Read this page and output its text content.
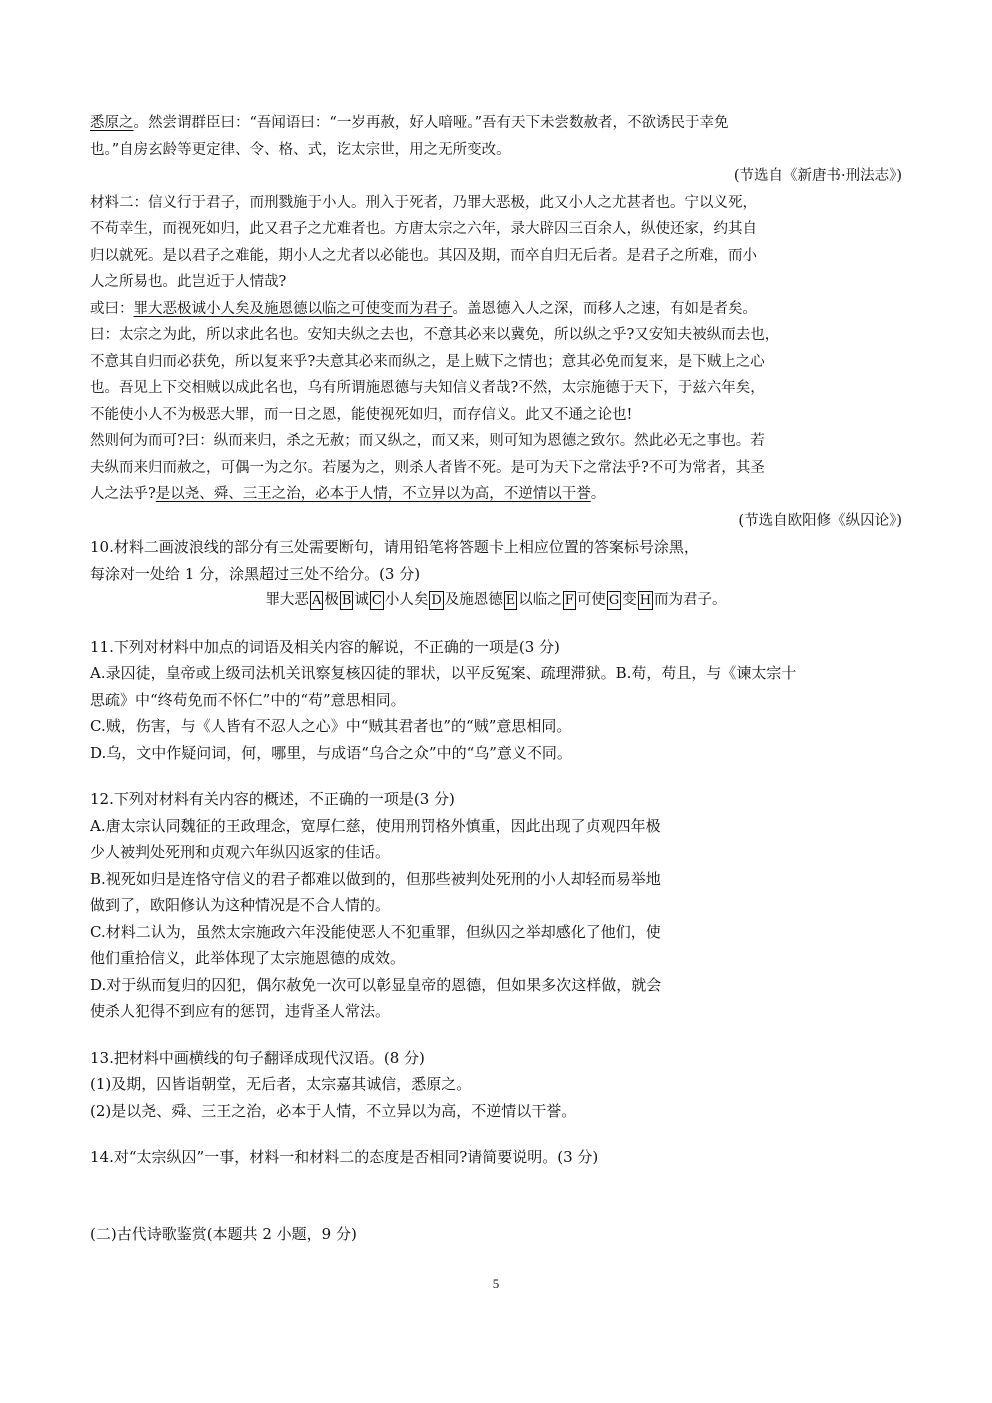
悉原之。然尝谓群臣曰：“吾闻语曰：“一岁再赦，好人喑哑。”吾有天下未尝数赦者，不欲诱民于幸免
也。”自房玄龄等更定律、令、格、式，讫太宗世，用之无所变改。
(节选自《新唐书·刑法志》)
材料二：信义行于君子，而刑戮施于小人。刑入于死者，乃罪大恶极，此又小人之尤甚者也。宁以义死，
不苟幸生，而视死如归，此又君子之尤难者也。方唐太宗之六年，录大辟囚三百余人，纵使还家，约其自
归以就死。是以君子之难能，期小人之尤者以必能也。其囚及期，而卒自归无后者。是君子之所难，而小
人之所易也。此岂近于人情哉?
或曰：罪大恶极诚小人矣及施恩德以临之可使变而为君子。盖恩德入人之深，而移人之速，有如是者矣。
曰：太宗之为此，所以求此名也。安知夫纵之去也，不意其必来以冀免，所以纵之乎?又安知夫被纵而去也，
不意其自归而必获免，所以复来乎?夫意其必来而纵之，是上贼下之情也；意其必免而复来，是下贼上之心
也。吾见上下交相贼以成此名也，乌有所谓施恩德与夫知信义者哉?不然，太宗施德于天下，于兹六年矣，
不能使小人不为极恶大罪，而一日之恩，能使视死如归，而存信义。此又不通之论也!
然则何为而可?曰：纵而来归，杀之无赦；而又纵之，而又来，则可知为恩德之致尔。然此必无之事也。若
夫纵而来归而赦之，可偶一为之尔。若屡为之，则杀人者皆不死。是可为天下之常法乎?不可为常者，其圣
人之法乎?是以尧、舜、三王之治，必本于人情，不立异以为高，不逆情以干誉。
(节选自欧阳修《纵囚论》)
10.材料二画波浪线的部分有三处需要断句，请用铅笔将答题卡上相应位置的答案标号涂黑，
每涂对一处给 1 分，涂黑超过三处不给分。(3 分)
罪大恶 A 极 B 诚 C 小人矣 D 及施恩德 E 以临之 F 可使 G 变 H 而为君子。
11.下列对材料中加点的词语及相关内容的解说，不正确的一项是(3 分)
A.录囚徒，皇帝或上级司法机关讯察复核囚徒的罪状，以平反冤案、疏理滞狱。B.苟，苟且，与《谏太宗十
思疏》中“终苟免而不怀仁”中的“苟”意思相同。
C.贼，伤害，与《人皆有不忍人之心》中“贼其君者也”的“贼”意思相同。
D.乌，文中作疑问词，何，哪里，与成语“乌合之众”中的“乌”意义不同。
12.下列对材料有关内容的概述，不正确的一项是(3 分)
A.唐太宗认同魏征的王政理念，宽厚仁慈，使用刑罚格外慎重，因此出现了贞观四年极
少人被判处死刑和贞观六年纵囚返家的佳话。
B.视死如归是连恪守信义的君子都难以做到的，但那些被判处死刑的小人却轻而易举地
做到了，欧阳修认为这种情况是不合人情的。
C.材料二认为，虽然太宗施政六年没能使恶人不犯重罪，但纵囚之举却感化了他们，使
他们重拾信义，此举体现了太宗施恩德的成效。
D.对于纵而复归的囚犯，偶尔赦免一次可以彰显皇帝的恩德，但如果多次这样做，就会
使杀人犯得不到应有的惩罚，违背圣人常法。
13.把材料中画横线的句子翻译成现代汉语。(8 分)
(1)及期，囚皆诣朝堂，无后者，太宗嘉其诚信，悉原之。
(2)是以尧、舜、三王之治，必本于人情，不立异以为高，不逆情以干誉。
14.对“太宗纵囚”一事，材料一和材料二的态度是否相同?请简要说明。(3 分)
(二)古代诗歌鉴赏(本题共 2 小题，9 分)
5
